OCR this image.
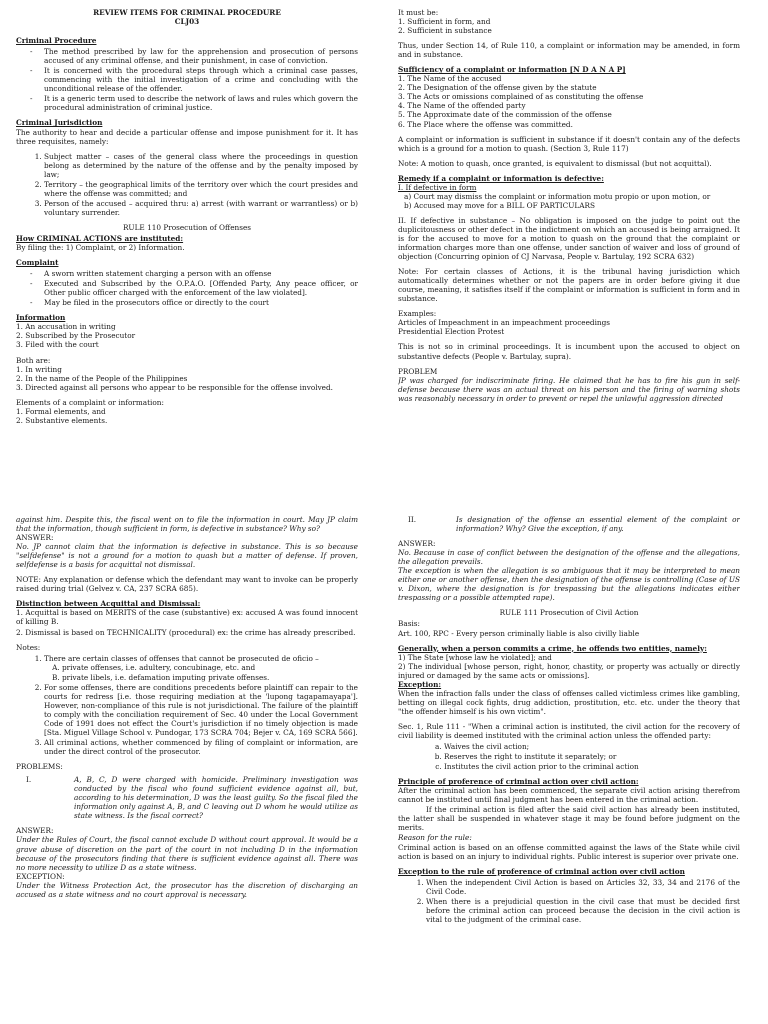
REVIEW ITEMS FOR CRIMINAL PROCEDURE
CLJ03
Criminal Procedure
- The method prescribed by law for the apprehension and prosecution of persons accused of any criminal offense, and their punishment, in case of conviction.
- It is concerned with the procedural steps through which a criminal case passes, commencing with the initial investigation of a crime and concluding with the unconditional release of the offender.
- It is a generic term used to describe the network of laws and rules which govern the procedural administration of criminal justice.
Criminal Jurisdiction

The authority to hear and decide a particular offense and impose punishment for it. It has three requisites, namely:

1. Subject matter – cases of the general class where the proceedings in question belong as determined by the nature of the offense and by the penalty imposed by law;
2. Territory – the geographical limits of the territory over which the court presides and where the offense was committed; and
3. Person of the accused – acquired thru: a) arrest (with warrant or warrantless) or b) voluntary surrender.
RULE 110 Prosecution of Offenses
How CRIMINAL ACTIONS are instituted:

By filing the: 1) Complaint, or 2) Information.

Complaint
- A sworn written statement charging a person with an offense
- Executed and Subscribed by the O.P.A.O. [Offended Party, Any peace officer, or Other public officer charged with the enforcement of the law violated].
- May be filed in the prosecutors office or directly to the court
Information
1. An accusation in writing
2. Subscribed by the Prosecutor
3. Filed with the court
Both are:
1. In writing
2. In the name of the People of the Philippines
3. Directed against all persons who appear to be responsible for the offense involved.
Elements of a complaint or information:
1. Formal elements, and
2. Substantive elements.
It must be:
1. Sufficient in form, and
2. Sufficient in substance

Thus, under Section 14, of Rule 110, a complaint or information may be amended, in form and in substance.

Sufficiency of a complaint or information [N D A N A P]
1. The Name of the accused
2. The Designation of the offense given by the statute
3. The Acts or omissions complained of as constituting the offense
4. The Name of the offended party
5. The Approximate date of the commission of the offense
6. The Place where the offense was committed.

A complaint or information is sufficient in substance if it doesn't contain any of the defects which is a ground for a motion to quash. (Section 3, Rule 117)

Note: A motion to quash, once granted, is equivalent to dismissal (but not acquittal).

Remedy if a complaint or information is defective:
I. If defective in form
a) Court may dismiss the complaint or information motu propio or upon motion, or
b) Accused may move for a BILL OF PARTICULARS

II. If defective in substance – No obligation is imposed on the judge to point out the duplicitousness or other defect in the indictment on which an accused is being arraigned. It is for the accused to move for a motion to quash on the ground that the complaint or information charges more than one offense, under sanction of waiver and loss of ground of objection (Concurring opinion of CJ Narvasa, People v. Bartulay, 192 SCRA 632)

Note: For certain classes of Actions, it is the tribunal having jurisdiction which automatically determines whether or not the papers are in order before giving it due course, meaning, it satisfies itself if the complaint or information is sufficient in form and in substance.

Examples:
Articles of Impeachment in an impeachment proceedings
Presidential Election Protest

This is not so in criminal proceedings. It is incumbent upon the accused to object on substantive defects (People v. Bartulay, supra).

PROBLEM

JP was charged for indiscriminate firing. He claimed that he has to fire his gun in self-defense because there was an actual threat on his person and the firing of warning shots was reasonably necessary in order to prevent or repel the unlawful aggression directed

against him. Despite this, the fiscal went on to file the information in court. May JP claim that the information, though sufficient in form, is defective in substance? Why so?

ANSWER:

No. JP cannot claim that the information is defective in substance. This is so because "selfdefense" is not a ground for a motion to quash but a matter of defense. If proven, selfdefense is a basis for acquittal not dismissal.

NOTE: Any explanation or defense which the defendant may want to invoke can be properly raised during trial (Gelvez v. CA, 237 SCRA 685).

Distinction between Acquittal and Dismissal:

1. Acquittal is based on MERITS of the case (substantive) ex: accused A was found innocent of killing B.

2. Dismissal is based on TECHNICALITY (procedural) ex: the crime has already prescribed.

Notes:
1. There are certain classes of offenses that cannot be prosecuted de oficio –
A. private offenses, i.e. adultery, concubinage, etc. and
B. private libels, i.e. defamation imputing private offenses.
2. For some offenses, there are conditions precedents before plaintiff can repair to the courts for redress [i.e. those requiring mediation at the 'lupong tagapamayapa']. However, non-compliance of this rule is not jurisdictional. The failure of the plaintiff to comply with the conciliation requirement of Sec. 40 under the Local Government Code of 1991 does not effect the Court's jurisdiction if no timely objection is made [Sta. Miguel Village School v. Pundogar, 173 SCRA 704; Bejer v. CA, 169 SCRA 566].
3. All criminal actions, whether commenced by filing of complaint or information, are under the direct control of the prosecutor.
PROBLEMS:
I.	A, B, C, D were charged with homicide. Preliminary investigation was conducted by the fiscal who found sufficient evidence against all, but, according to his determination, D was the least guilty. So the fiscal filed the information only against A, B, and C leaving out D whom he would utilize as state witness. Is the fiscal correct?
ANSWER:

Under the Rules of Court, the fiscal cannot exclude D without court approval. It would be a grave abuse of discretion on the part of the court in not including D in the information because of the prosecutors finding that there is sufficient evidence against all. There was no more necessity to utilize D as a state witness.

EXCEPTION:

Under the Witness Protection Act, the prosecutor has the discretion of discharging an accused as a state witness and no court approval is necessary.

II.	Is designation of the offense an essential element of the complaint or information? Why? Give the exception, if any.
ANSWER:

No. Because in case of conflict between the designation of the offense and the allegations, the allegation prevails.

The exception is when the allegation is so ambiguous that it may be interpreted to mean either one or another offense, then the designation of the offense is controlling (Case of US v. Dixon, where the designation is for trespassing but the allegations indicates either trespassing or a possible attempted rape).

RULE 111 Prosecution of Civil Action
Basis:

Art. 100, RPC - Every person criminally liable is also civilly liable

Generally, when a person commits a crime, he offends two entities, namely:
1) The State [whose law he violated]; and
2) The individual [whose person, right, honor, chastity, or property was actually or directly injured or damaged by the same acts or omissions].
Exception:

When the infraction falls under the class of offenses called victimless crimes like gambling, betting on illegal cock fights, drug addiction, prostitution, etc. etc. under the theory that "the offender himself is his own victim".

Sec. 1, Rule 111 - "When a criminal action is instituted, the civil action for the recovery of civil liability is deemed instituted with the criminal action unless the offended party:

a. Waives the civil action;
b. Reserves the right to institute it separately; or
c. Institutes the civil action prior to the criminal action
Principle of proference of criminal action over civil action:

After the criminal action has been commenced, the separate civil action arising therefrom cannot be instituted until final judgment has been entered in the criminal action.

If the criminal action is filed after the said civil action has already been instituted, the latter shall be suspended in whatever stage it may be found before judgment on the merits.

Reason for the rule:

Criminal action is based on an offense committed against the laws of the State while civil action is based on an injury to individual rights. Public interest is superior over private one.

Exception to the rule of proference of criminal action over civil action
1. When the independent Civil Action is based on Articles 32, 33, 34 and 2176 of the Civil Code.
2. When there is a prejudicial question in the civil case that must be decided first before the criminal action can proceed because the decision in the civil action is vital to the judgment of the criminal case.
